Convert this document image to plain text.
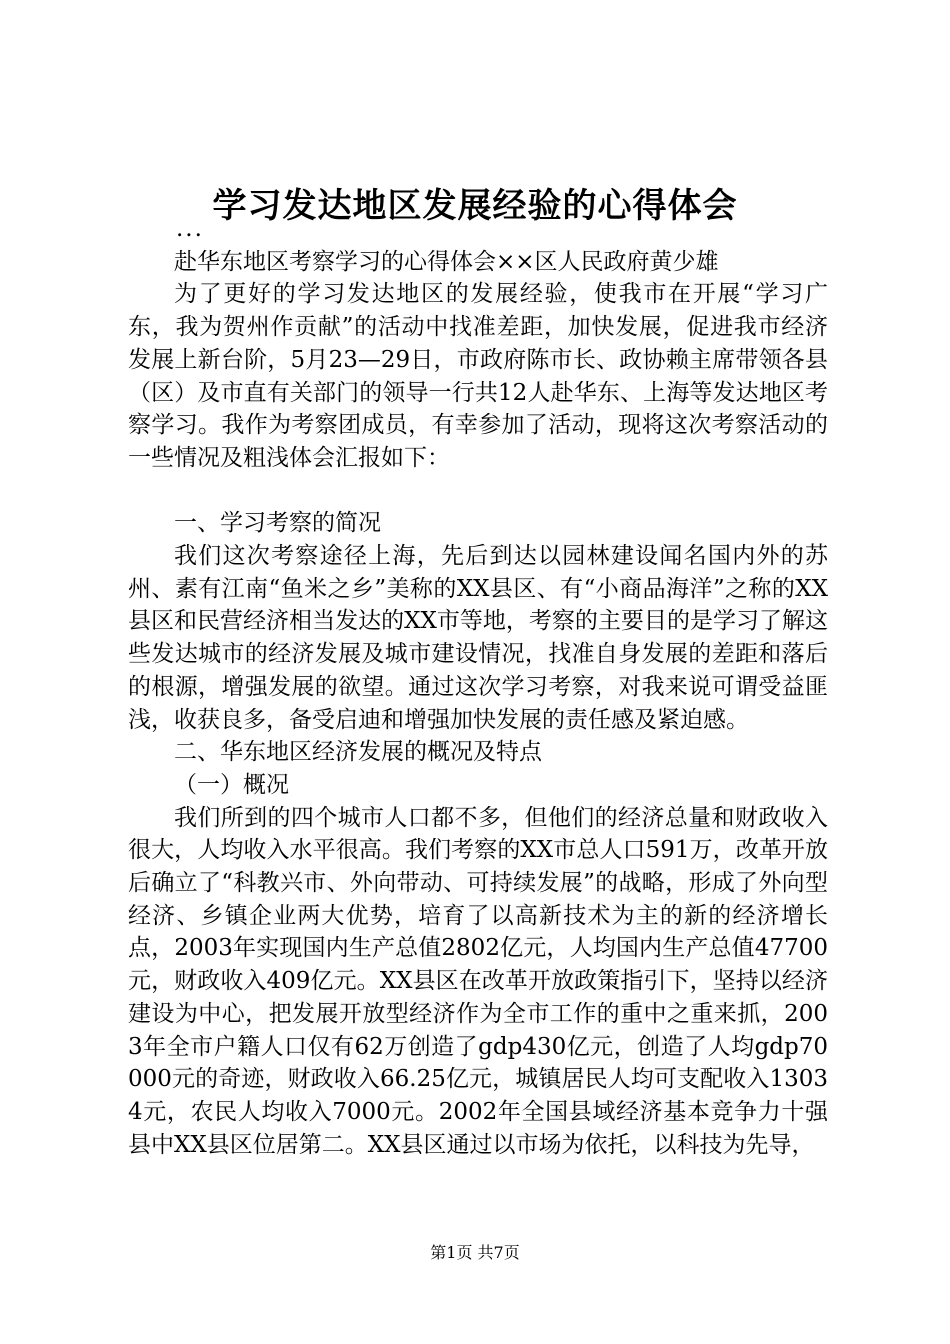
学习发达地区发展经验的心得体会

...

赴华东地区考察学习的心得体会××区人民政府黄少雄

为了更好的学习发达地区的发展经验，使我市在开展“学习广东，我为贺州作贡献”的活动中找准差距，加快发展，促进我市经济发展上新台阶，5月23—29日，市政府陈市长、政协赖主席带领各县（区）及市直有关部门的领导一行共12人赴华东、上海等发达地区考察学习。我作为考察团成员，有幸参加了活动，现将这次考察活动的一些情况及粗浅体会汇报如下：

一、学习考察的简况

我们这次考察途径上海，先后到达以园林建设闻名国内外的苏州、素有江南“鱼米之乡”美称的XX县区、有“小商品海洋”之称的XX县区和民营经济相当发达的XX市等地，考察的主要目的是学习了解这些发达城市的经济发展及城市建设情况，找准自身发展的差距和落后的根源，增强发展的欲望。通过这次学习考察，对我来说可谓受益匪浅，收获良多，备受启迪和增强加快发展的责任感及紧迫感。

二、华东地区经济发展的概况及特点

（一）概况

我们所到的四个城市人口都不多，但他们的经济总量和财政收入很大，人均收入水平很高。我们考察的XX市总人口591万，改革开放后确立了“科教兴市、外向带动、可持续发展”的战略，形成了外向型经济、乡镇企业两大优势，培育了以高新技术为主的新的经济增长点，2003年实现国内生产总值2802亿元，人均国内生产总值47700元，财政收入409亿元。XX县区在改革开放政策指引下，坚持以经济建设为中心，把发展开放型经济作为全市工作的重中之重来抓，2003年全市户籍人口仅有62万创造了gdp430亿元，创造了人均gdp70000元的奇迹，财政收入66.25亿元，城镇居民人均可支配收入13034元，农民人均收入7000元。2002年全国县域经济基本竞争力十强县中XX县区位居第二。XX县区通过以市场为依托，以科技为先导，

第1页 共7页
